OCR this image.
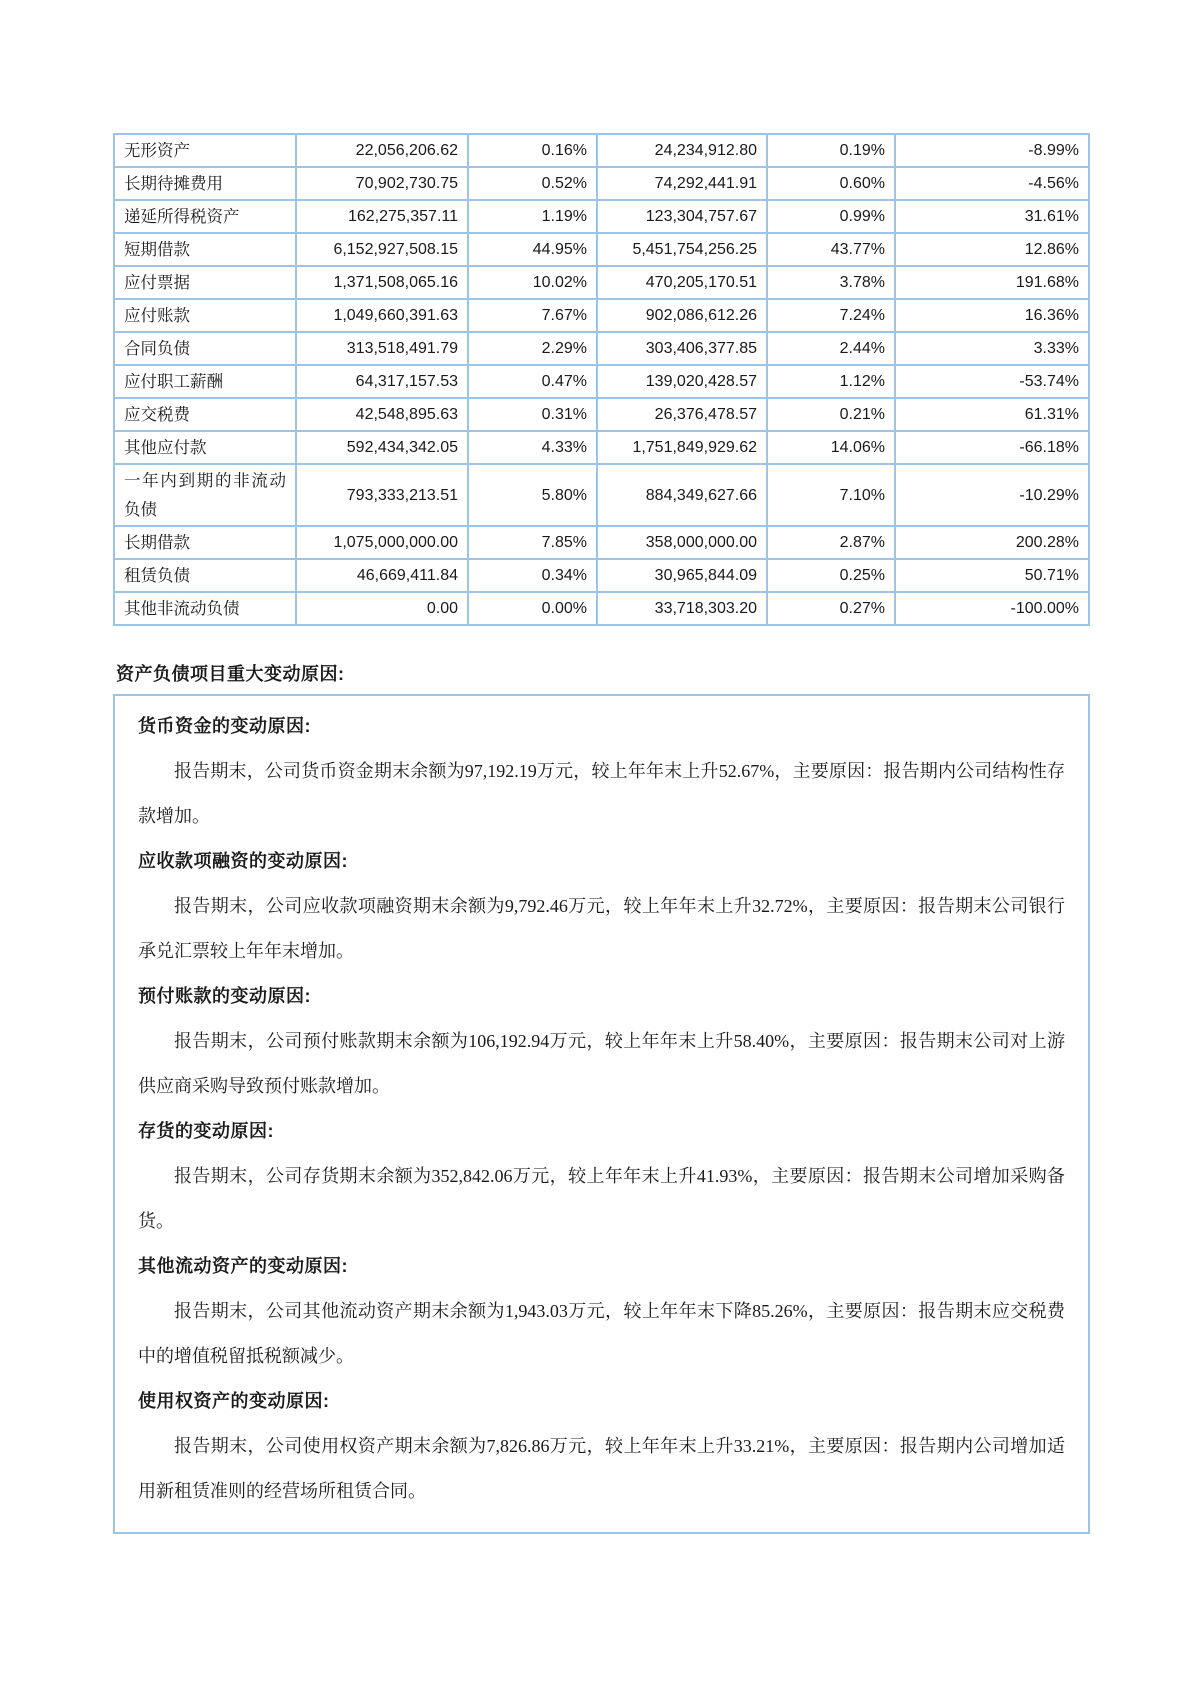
无形资产	22,056,206.62	0.16%	24,234,912.80	0.19%	-8.99%
长期待摊费用	70,902,730.75	0.52%	74,292,441.91	0.60%	-4.56%
递延所得税资产	162,275,357.11	1.19%	123,304,757.67	0.99%	31.61%
短期借款	6,152,927,508.15	44.95%	5,451,754,256.25	43.77%	12.86%
应付票据	1,371,508,065.16	10.02%	470,205,170.51	3.78%	191.68%
应付账款	1,049,660,391.63	7.67%	902,086,612.26	7.24%	16.36%
合同负债	313,518,491.79	2.29%	303,406,377.85	2.44%	3.33%
应付职工薪酬	64,317,157.53	0.47%	139,020,428.57	1.12%	-53.74%
应交税费	42,548,895.63	0.31%	26,376,478.57	0.21%	61.31%
其他应付款	592,434,342.05	4.33%	1,751,849,929.62	14.06%	-66.18%
一年内到期的非流动负债	793,333,213.51	5.80%	884,349,627.66	7.10%	-10.29%
长期借款	1,075,000,000.00	7.85%	358,000,000.00	2.87%	200.28%
租赁负债	46,669,411.84	0.34%	30,965,844.09	0.25%	50.71%
其他非流动负债	0.00	0.00%	33,718,303.20	0.27%	-100.00%
资产负债项目重大变动原因:
货币资金的变动原因:

报告期末，公司货币资金期末余额为97,192.19万元，较上年年末上升52.67%，主要原因：报告期内公司结构性存款增加。

应收款项融资的变动原因:

报告期末，公司应收款项融资期末余额为9,792.46万元，较上年年末上升32.72%，主要原因：报告期末公司银行承兑汇票较上年年末增加。

预付账款的变动原因:

报告期末，公司预付账款期末余额为106,192.94万元，较上年年末上升58.40%，主要原因：报告期末公司对上游供应商采购导致预付账款增加。

存货的变动原因:

报告期末，公司存货期末余额为352,842.06万元，较上年年末上升41.93%，主要原因：报告期末公司增加采购备货。

其他流动资产的变动原因:

报告期末，公司其他流动资产期末余额为1,943.03万元，较上年年末下降85.26%，主要原因：报告期末应交税费中的增值税留抵税额减少。

使用权资产的变动原因:

报告期末，公司使用权资产期末余额为7,826.86万元，较上年年末上升33.21%，主要原因：报告期内公司增加适用新租赁准则的经营场所租赁合同。
